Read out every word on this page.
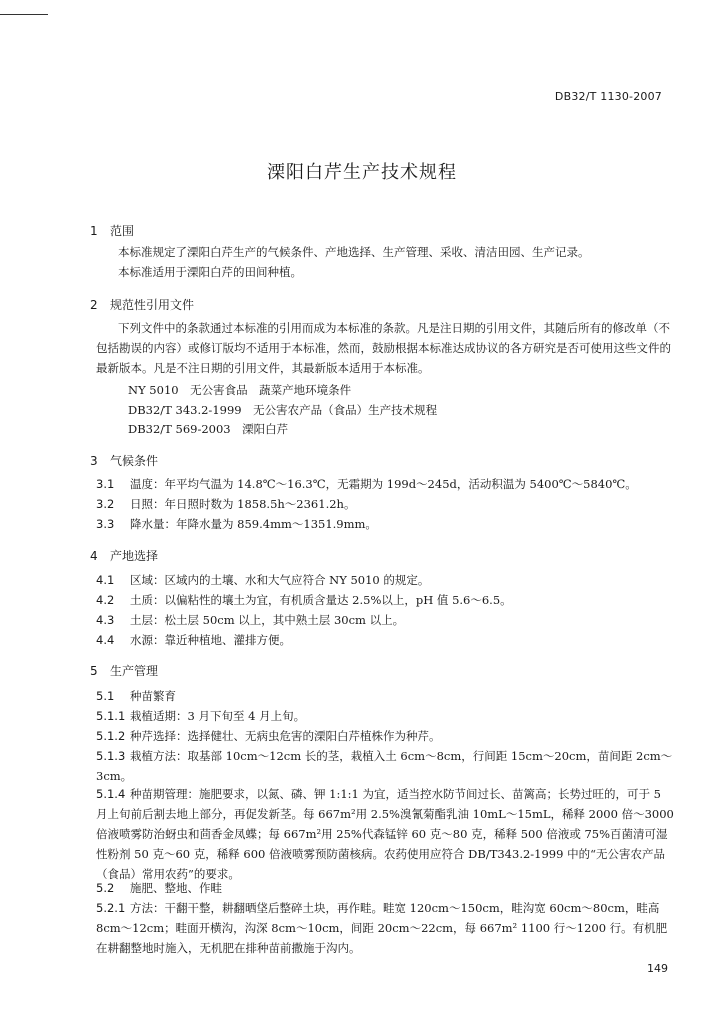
DB32/T 1130-2007
溧阳白芹生产技术规程
1 范围
本标准规定了溧阳白芹生产的气候条件、产地选择、生产管理、采收、清洁田园、生产记录。
本标准适用于溧阳白芹的田间种植。
2 规范性引用文件
下列文件中的条款通过本标准的引用而成为本标准的条款。凡是注日期的引用文件，其随后所有的修改单（不包括勘误的内容）或修订版均不适用于本标准，然而，鼓励根据本标准达成协议的各方研究是否可使用这些文件的最新版本。凡是不注日期的引用文件，其最新版本适用于本标准。
NY 5010　无公害食品　蔬菜产地环境条件
DB32/T 343.2-1999　无公害农产品（食品）生产技术规程
DB32/T 569-2003　溧阳白芹
3 气候条件
3.1 温度：年平均气温为 14.8℃～16.3℃，无霜期为 199d～245d，活动积温为 5400℃～5840℃。
3.2 日照：年日照时数为 1858.5h～2361.2h。
3.3 降水量：年降水量为 859.4mm～1351.9mm。
4 产地选择
4.1 区域：区域内的土壤、水和大气应符合 NY 5010 的规定。
4.2 土质：以偏粘性的壤土为宜，有机质含量达 2.5%以上，pH 值 5.6～6.5。
4.3 土层：松土层 50cm 以上，其中熟土层 30cm 以上。
4.4 水源：靠近种植地、灌排方便。
5 生产管理
5.1 种苗繁育
5.1.1 栽植适期：3 月下旬至 4 月上旬。
5.1.2 种芹选择：选择健壮、无病虫危害的溧阳白芹植株作为种芹。
5.1.3 栽植方法：取基部 10cm～12cm 长的茎，栽植入土 6cm～8cm，行间距 15cm～20cm，苗间距 2cm～3cm。
5.1.4 种苗期管理：施肥要求，以氮、磷、钾 1:1:1 为宜，适当控水防节间过长、苗篱高；长势过旺的，可于 5 月上旬前后割去地上部分，再促发新茎。每 667m²用 2.5%溴氰菊酯乳油 10mL～15mL，稀释 2000 倍～3000 倍液喷雾防治蚜虫和茴香金凤蝶；每 667m²用 25%代森锰锌 60 克～80 克，稀释 500 倍液或 75%百菌清可湿性粉剂 50 克～60 克，稀释 600 倍液喷雾预防菌核病。农药使用应符合 DB/T343.2-1999 中的“无公害农产品（食品）常用农药”的要求。
5.2 施肥、整地、作畦
5.2.1 方法：干翻干整，耕翻晒垡后整碎土块，再作畦。畦宽 120cm～150cm，畦沟宽 60cm～80cm，畦高 8cm～12cm；畦面开横沟，沟深 8cm～10cm，间距 20cm～22cm，每 667m² 1100 行～1200 行。有机肥在耕翻整地时施入，无机肥在排种苗前撒施于沟内。
149
